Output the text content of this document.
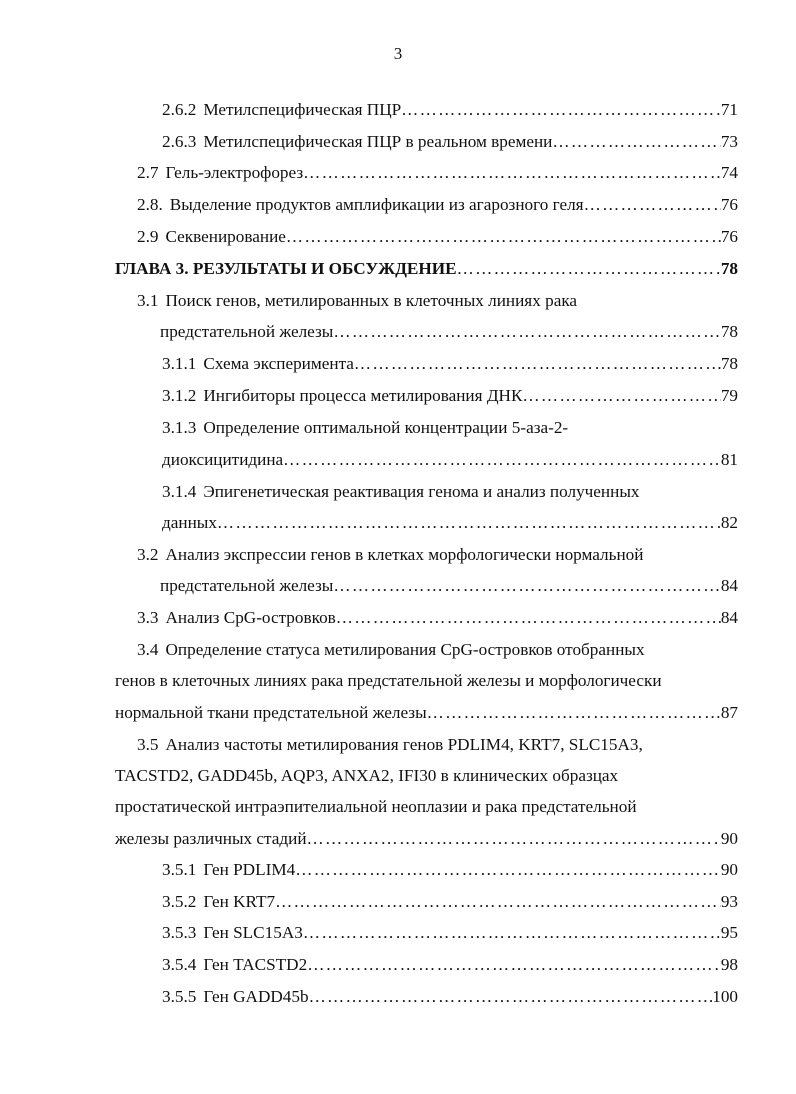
3
2.6.2 Метилспецифическая ПЦР ……………………………………………………………………………………………………………………………………………………………………………………………………	71
2.6.3 Метилспецифическая ПЦР в реальном времени ……………………………………………………………………………………………………………………………………………………………………………………………………	73
2.7 Гель-электрофорез ……………………………………………………………………………………………………………………………………………………………………………………………………	74
2.8. Выделение продуктов амплификации из агарозного геля ……………………………………………………………………………………………………………………………………………………………………………………………………	76
2.9 Секвенирование ……………………………………………………………………………………………………………………………………………………………………………………………………	76
ГЛАВА 3. РЕЗУЛЬТАТЫ И ОБСУЖДЕНИЕ ……………………………………………………………………………………………………………………………………………………………………………………………………	78
3.1 Поиск генов, метилированных в клеточных линиях рака
предстательной железы ……………………………………………………………………………………………………………………………………………………………………………………………………	78
3.1.1 Схема эксперимента ……………………………………………………………………………………………………………………………………………………………………………………………………	78
3.1.2 Ингибиторы процесса метилирования ДНК ……………………………………………………………………………………………………………………………………………………………………………………………………	79
3.1.3 Определение оптимальной концентрации 5-аза-2-
диоксицитидина ……………………………………………………………………………………………………………………………………………………………………………………………………	81
3.1.4 Эпигенетическая реактивация генома и анализ полученных
данных ……………………………………………………………………………………………………………………………………………………………………………………………………	82
3.2 Анализ экспрессии генов в клетках морфологически нормальной
предстательной железы ……………………………………………………………………………………………………………………………………………………………………………………………………	84
3.3 Анализ CpG-островков ……………………………………………………………………………………………………………………………………………………………………………………………………	84
3.4 Определение статуса метилирования CpG-островков отобранных
генов в клеточных линиях рака предстательной железы и морфологически
нормальной ткани предстательной железы ……………………………………………………………………………………………………………………………………………………………………………………………………	87
3.5 Анализ частоты метилирования генов PDLIM4, KRT7, SLC15A3,
TACSTD2, GADD45b, AQP3, ANXA2, IFI30 в клинических образцах
простатической интраэпителиальной неоплазии и рака предстательной
железы различных стадий ……………………………………………………………………………………………………………………………………………………………………………………………………	90
3.5.1 Ген PDLIM4 ……………………………………………………………………………………………………………………………………………………………………………………………………	90
3.5.2 Ген KRT7 ……………………………………………………………………………………………………………………………………………………………………………………………………	93
3.5.3 Ген SLC15A3 ……………………………………………………………………………………………………………………………………………………………………………………………………	95
3.5.4 Ген TACSTD2 ……………………………………………………………………………………………………………………………………………………………………………………………………	98
3.5.5 Ген GADD45b ……………………………………………………………………………………………………………………………………………………………………………………………………	100
